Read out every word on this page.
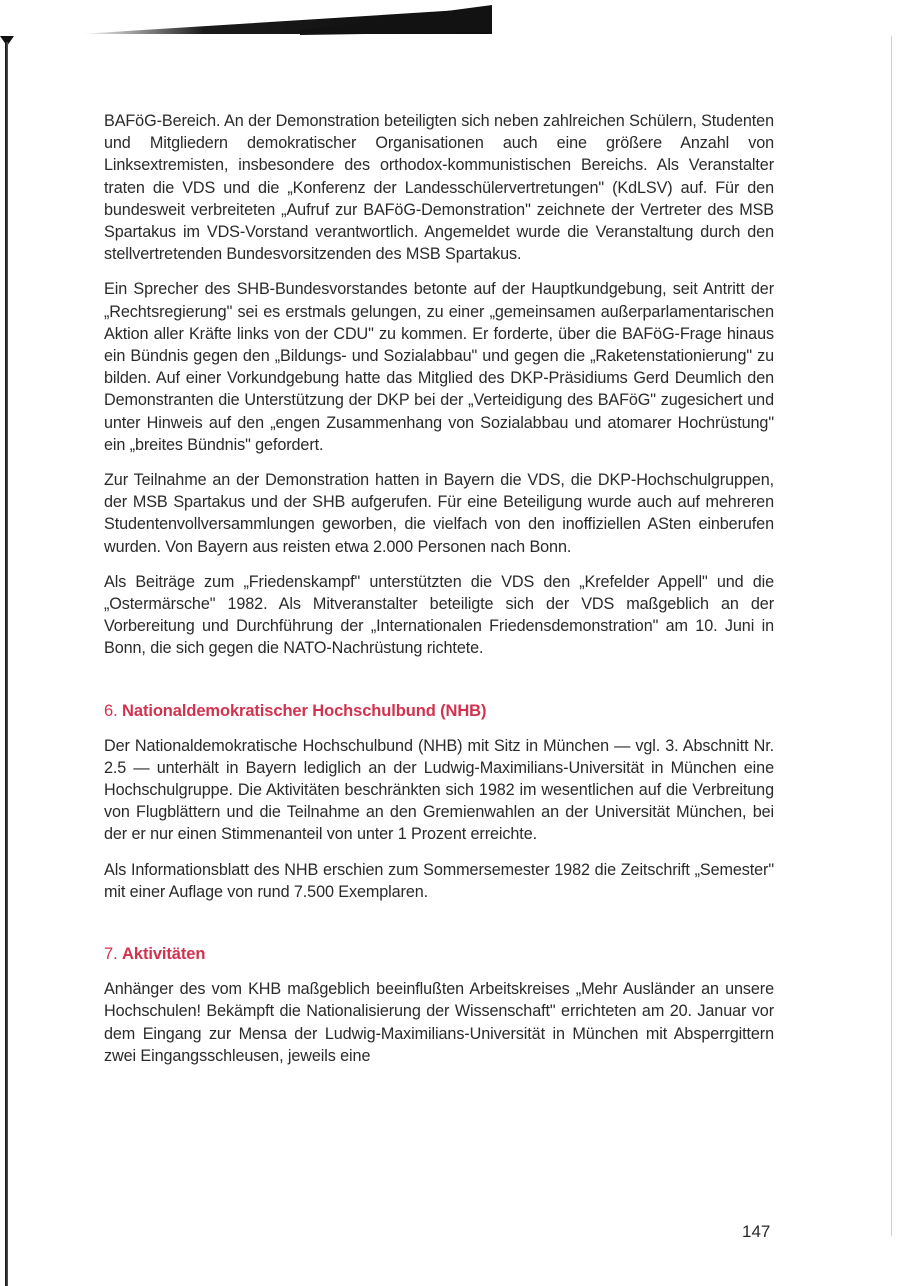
BAFöG-Bereich. An der Demonstration beteiligten sich neben zahlreichen Schülern, Studenten und Mitgliedern demokratischer Organisationen auch eine größere Anzahl von Linksextremisten, insbesondere des orthodox-kommunistischen Bereichs. Als Veranstalter traten die VDS und die „Konferenz der Landesschülervertretungen" (KdLSV) auf. Für den bundesweit verbreiteten „Aufruf zur BAFöG-Demonstration" zeichnete der Vertreter des MSB Spartakus im VDS-Vorstand verantwortlich. Angemeldet wurde die Veranstaltung durch den stellvertretenden Bundesvorsitzenden des MSB Spartakus.

Ein Sprecher des SHB-Bundesvorstandes betonte auf der Hauptkundgebung, seit Antritt der „Rechtsregierung" sei es erstmals gelungen, zu einer „gemeinsamen außerparlamentarischen Aktion aller Kräfte links von der CDU" zu kommen. Er forderte, über die BAFöG-Frage hinaus ein Bündnis gegen den „Bildungs- und Sozialabbau" und gegen die „Raketenstationierung" zu bilden. Auf einer Vorkundgebung hatte das Mitglied des DKP-Präsidiums Gerd Deumlich den Demonstranten die Unterstützung der DKP bei der „Verteidigung des BAFöG" zugesichert und unter Hinweis auf den „engen Zusammenhang von Sozialabbau und atomarer Hochrüstung" ein „breites Bündnis" gefordert.

Zur Teilnahme an der Demonstration hatten in Bayern die VDS, die DKP-Hochschulgruppen, der MSB Spartakus und der SHB aufgerufen. Für eine Beteiligung wurde auch auf mehreren Studentenvollversammlungen geworben, die vielfach von den inoffiziellen ASten einberufen wurden. Von Bayern aus reisten etwa 2.000 Personen nach Bonn.

Als Beiträge zum „Friedenskampf" unterstützten die VDS den „Krefelder Appell" und die „Ostermärsche" 1982. Als Mitveranstalter beteiligte sich der VDS maßgeblich an der Vorbereitung und Durchführung der „Internationalen Friedensdemonstration" am 10. Juni in Bonn, die sich gegen die NATO-Nachrüstung richtete.

6. Nationaldemokratischer Hochschulbund (NHB)

Der Nationaldemokratische Hochschulbund (NHB) mit Sitz in München — vgl. 3. Abschnitt Nr. 2.5 — unterhält in Bayern lediglich an der Ludwig-Maximilians-Universität in München eine Hochschulgruppe. Die Aktivitäten beschränkten sich 1982 im wesentlichen auf die Verbreitung von Flugblättern und die Teilnahme an den Gremienwahlen an der Universität München, bei der er nur einen Stimmenanteil von unter 1 Prozent erreichte.

Als Informationsblatt des NHB erschien zum Sommersemester 1982 die Zeitschrift „Semester" mit einer Auflage von rund 7.500 Exemplaren.

7. Aktivitäten

Anhänger des vom KHB maßgeblich beeinflußten Arbeitskreises „Mehr Ausländer an unsere Hochschulen! Bekämpft die Nationalisierung der Wissenschaft" errichteten am 20. Januar vor dem Eingang zur Mensa der Ludwig-Maximilians-Universität in München mit Absperrgittern zwei Eingangsschleusen, jeweils eine

147
